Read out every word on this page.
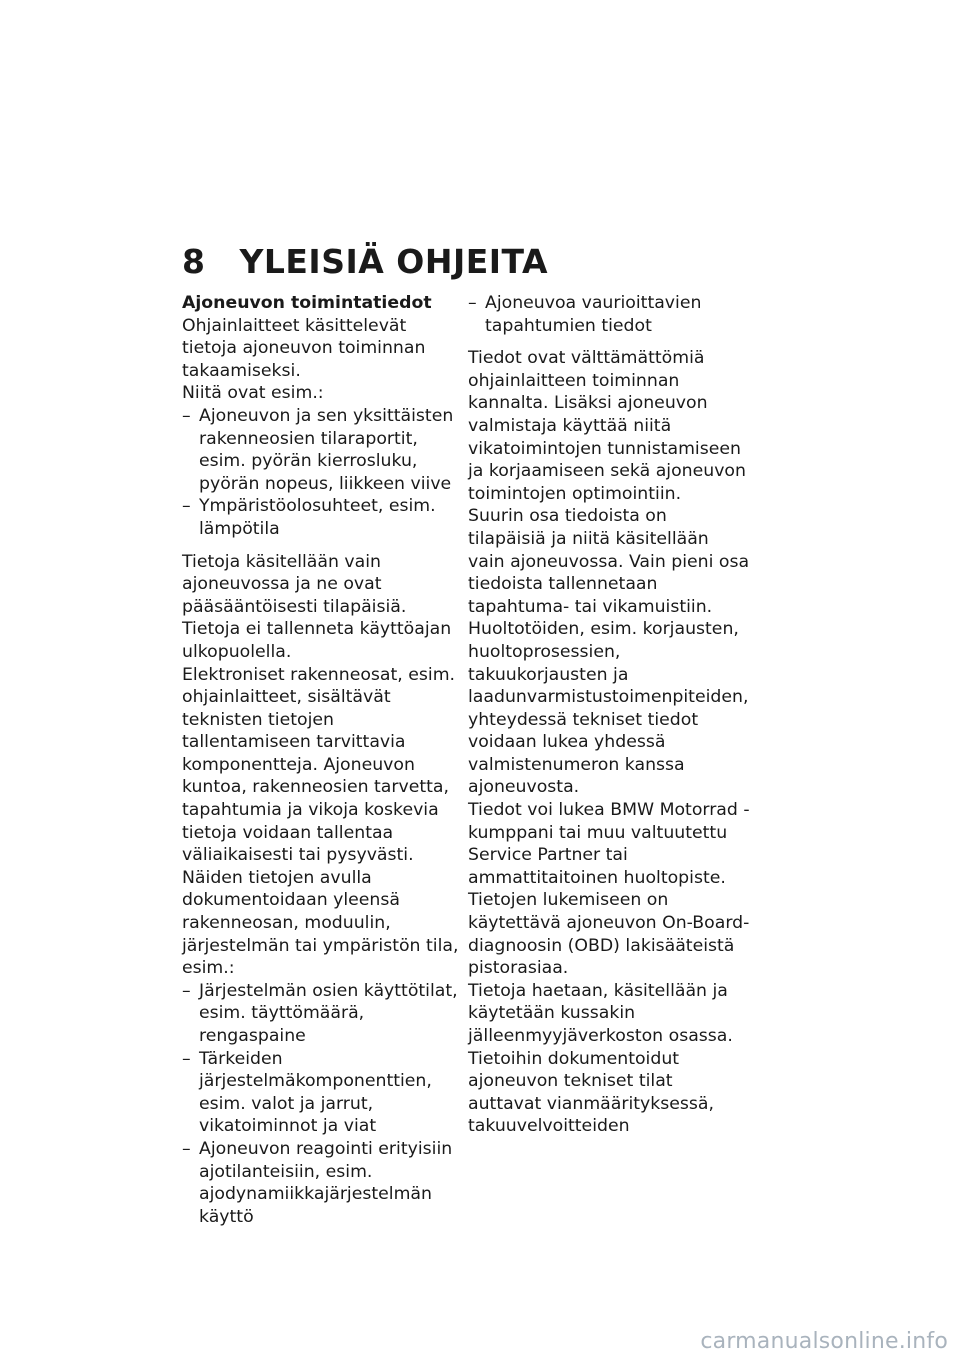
8 YLEISIÄ OHJEITA

Ajoneuvon toimintatiedot

Ohjainlaitteet käsittelevät tietoja ajoneuvon toiminnan takaamiseksi.

Niitä ovat esim.:

– Ajoneuvon ja sen yksittäisten rakenneosien tilaraportit, esim. pyörän kierrosluku, pyörän nopeus, liikkeen viive
– Ympäristöolosuhteet, esim. lämpötila

Tietoja käsitellään vain ajoneuvossa ja ne ovat pääsääntöisesti tilapäisiä. Tietoja ei tallenneta käyttöajan ulkopuolella.

Elektroniset rakenneosat, esim. ohjainlaitteet, sisältävät teknisten tietojen tallentamiseen tarvittavia komponentteja. Ajoneuvon kuntoa, rakenneosien tarvetta, tapahtumia ja vikoja koskevia tietoja voidaan tallentaa väliaikaisesti tai pysyvästi.

Näiden tietojen avulla dokumentoidaan yleensä rakenneosan, moduulin, järjestelmän tai ympäristön tila, esim.:

– Järjestelmän osien käyttötilat, esim. täyttömäärä, rengaspaine
– Tärkeiden järjestelmäkomponenttien, esim. valot ja jarrut, vikatoiminnot ja viat
– Ajoneuvon reagointi erityisiin ajotilanteisiin, esim. ajodynamiikkajärjestelmän käyttö
– Ajoneuvoa vaurioittavien tapahtumien tiedot

Tiedot ovat välttämättömiä ohjainlaitteen toiminnan kannalta. Lisäksi ajoneuvon valmistaja käyttää niitä vikatoimintojen tunnistamiseen ja korjaamiseen sekä ajoneuvon toimintojen optimointiin.

Suurin osa tiedoista on tilapäisiä ja niitä käsitellään vain ajoneuvossa. Vain pieni osa tiedoista tallennetaan tapahtuma- tai vikamuistiin.

Huoltotöiden, esim. korjausten, huoltoprosessien, takuukorjausten ja laadunvarmistustoimenpiteiden, yhteydessä tekniset tiedot voidaan lukea yhdessä valmistenumeron kanssa ajoneuvosta.

Tiedot voi lukea BMW Motorrad -kumppani tai muu valtuutettu Service Partner tai ammattitaitoinen huoltopiste. Tietojen lukemiseen on käytettävä ajoneuvon On-Board-diagnoosin (OBD) lakisääteistä pistorasiaa.

Tietoja haetaan, käsitellään ja käytetään kussakin jälleenmyyjäverkoston osassa. Tietoihin dokumentoidut ajoneuvon tekniset tilat auttavat vianmäärityksessä, takuuvelvoitteiden

carmanualsonline.info
